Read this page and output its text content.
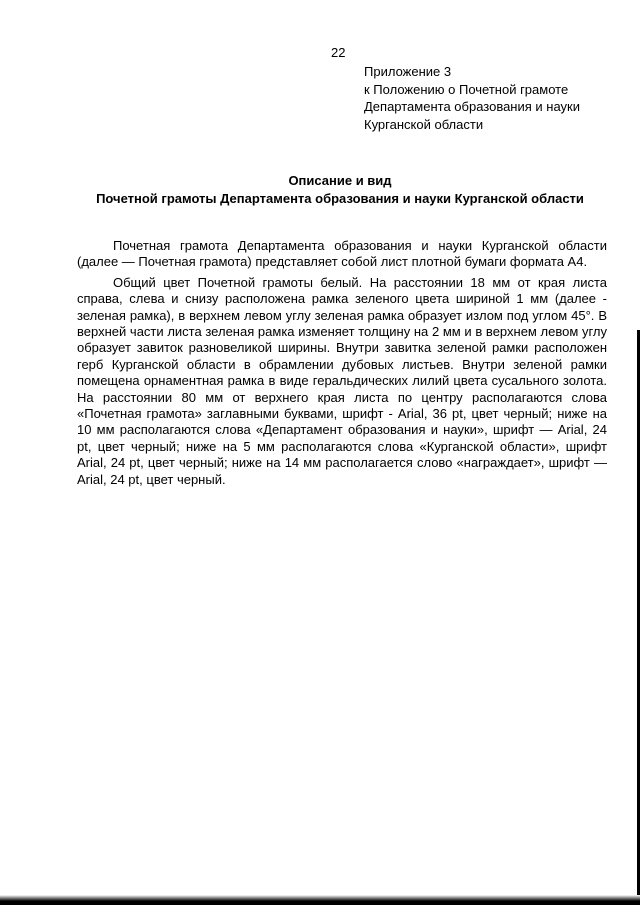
22
Приложение 3
к Положению о Почетной грамоте
Департамента образования и науки
Курганской области
Описание и вид
Почетной грамоты Департамента образования и науки Курганской области

Почетная грамота Департамента образования и науки Курганской области (далее — Почетная грамота) представляет собой лист плотной бумаги формата А4.

Общий цвет Почетной грамоты белый. На расстоянии 18 мм от края листа справа, слева и снизу расположена рамка зеленого цвета шириной 1 мм (далее - зеленая рамка), в верхнем левом углу зеленая рамка образует излом под углом 45°. В верхней части листа зеленая рамка изменяет толщину на 2 мм и в верхнем левом углу образует завиток разновеликой ширины. Внутри завитка зеленой рамки расположен герб Курганской области в обрамлении дубовых листьев. Внутри зеленой рамки помещена орнаментная рамка в виде геральдических лилий цвета сусального золота. На расстоянии 80 мм от верхнего края листа по центру располагаются слова «Почетная грамота» заглавными буквами, шрифт - Arial, 36 pt, цвет черный; ниже на 10 мм располагаются слова «Департамент образования и науки», шрифт — Arial, 24 pt, цвет черный; ниже на 5 мм располагаются слова «Курганской области», шрифт Arial, 24 pt, цвет черный; ниже на 14 мм располагается слово «награждает», шрифт — Arial, 24 pt, цвет черный.
